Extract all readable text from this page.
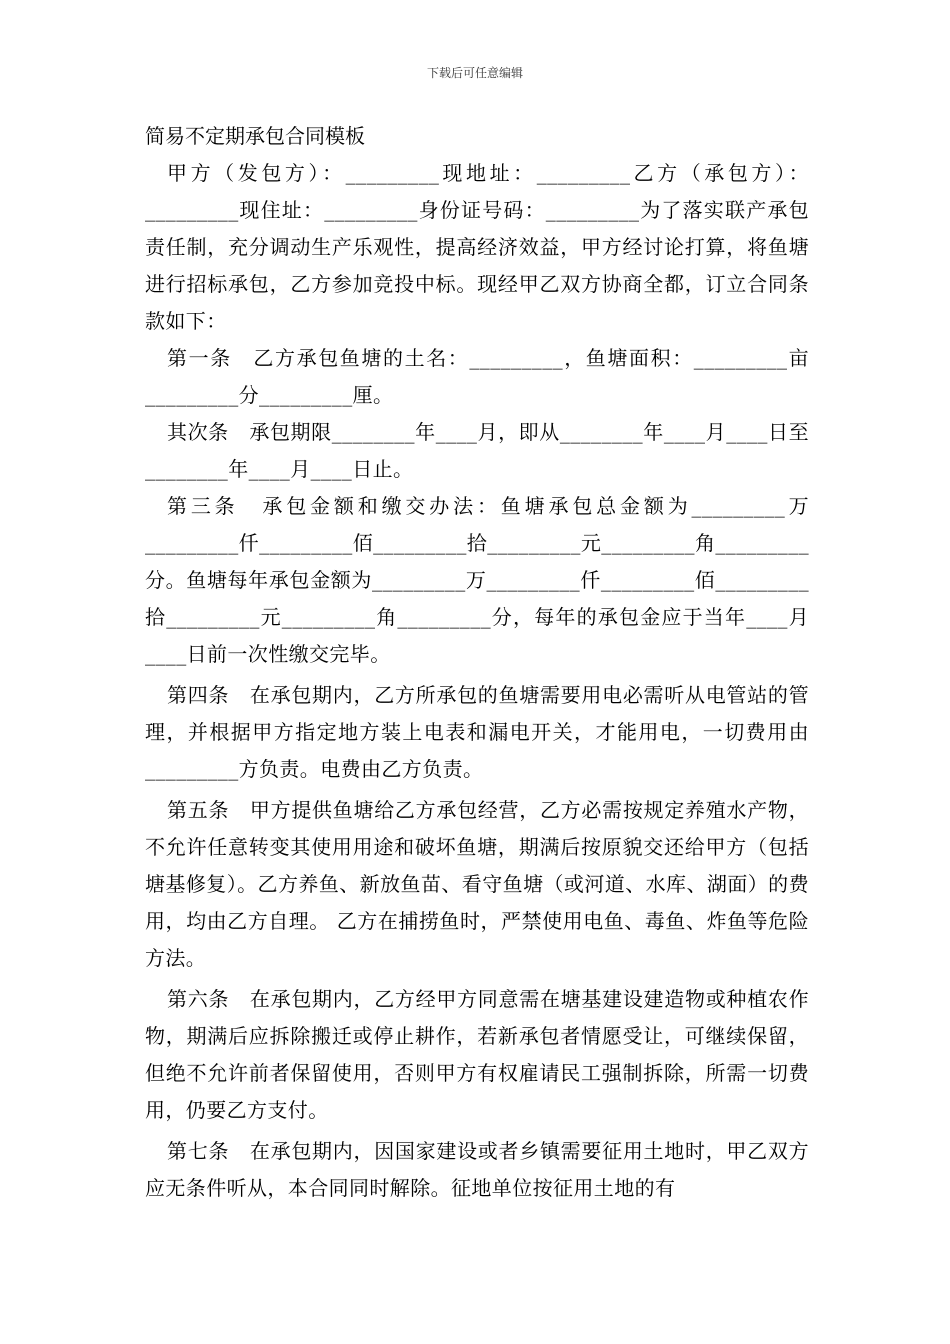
下载后可任意编辑

简易不定期承包合同模板

甲方（发包方）：_________现地址：_________乙方（承包方）：_________现住址：_________身份证号码：_________为了落实联产承包责任制，充分调动生产乐观性，提高经济效益，甲方经讨论打算，将鱼塘进行招标承包，乙方参加竞投中标。现经甲乙双方协商全都，订立合同条款如下：

第一条　乙方承包鱼塘的土名：_________，鱼塘面积：_________亩_________分_________厘。

其次条　承包期限________年____月，即从________年____月____日至________年____月____日止。

第三条　承包金额和缴交办法：鱼塘承包总金额为_________万_________仟_________佰_________拾_________元_________角_________分。鱼塘每年承包金额为_________万_________仟_________佰_________拾_________元_________角_________分，每年的承包金应于当年____月____日前一次性缴交完毕。

第四条　在承包期内，乙方所承包的鱼塘需要用电必需听从电管站的管理，并根据甲方指定地方装上电表和漏电开关，才能用电，一切费用由_________方负责。电费由乙方负责。

第五条　甲方提供鱼塘给乙方承包经营，乙方必需按规定养殖水产物，不允许任意转变其使用用途和破坏鱼塘，期满后按原貌交还给甲方（包括塘基修复）。乙方养鱼、新放鱼苗、看守鱼塘（或河道、水库、湖面）的费用，均由乙方自理。 乙方在捕捞鱼时，严禁使用电鱼、毒鱼、炸鱼等危险方法。

第六条　在承包期内，乙方经甲方同意需在塘基建设建造物或种植农作物，期满后应拆除搬迁或停止耕作，若新承包者情愿受让，可继续保留，但绝不允许前者保留使用，否则甲方有权雇请民工强制拆除，所需一切费用，仍要乙方支付。

第七条　在承包期内，因国家建设或者乡镇需要征用土地时，甲乙双方应无条件听从，本合同同时解除。征地单位按征用土地的有
